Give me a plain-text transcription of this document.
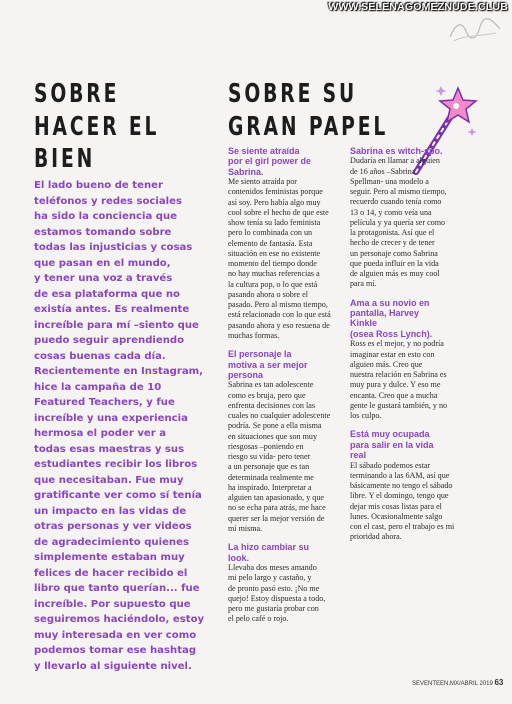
WWW.SELENAGOMEZNUDE.CLUB
SOBRE
HACER EL
BIEN
SOBRE SU
GRAN PAPEL
El lado bueno de tener
teléfonos y redes sociales
ha sido la conciencia que
estamos tomando sobre
todas las injusticias y cosas
que pasan en el mundo,
y tener una voz a través
de esa plataforma que no
existía antes. Es realmente
increíble para mí –siento que
puedo seguir aprendiendo
cosas buenas cada día.
Recientemente en Instagram,
hice la campaña de 10
Featured Teachers, y fue
increíble y una experiencia
hermosa el poder ver a
todas esas maestras y sus
estudiantes recibir los libros
que necesitaban. Fue muy
gratificante ver como sí tenía
un impacto en las vidas de
otras personas y ver videos
de agradecimiento quienes
simplemente estaban muy
felices de hacer recibido el
libro que tanto querían... fue
increíble. Por supuesto que
seguiremos haciéndolo, estoy
muy interesada en ver como
podemos tomar ese hashtag
y llevarlo al siguiente nivel.
Se siente atraída
por el girl power de
Sabrina.
Me siento atraída por
contenidos feministas porque
así soy. Pero había algo muy
cool sobre el hecho de que este
show tenía su lado feminista
pero lo combinada con un
elemento de fantasía. Esta
situación en ese no existente
momento del tiempo donde
no hay muchas referencias a
la cultura pop, o lo que está
pasando ahora o sobre el
pasado. Pero al mismo tiempo,
está relacionado con lo que está
pasando ahora y eso resuena de
muchas formas.
El personaje la
motiva a ser mejor
persona
Sabrina es tan adolescente
como es bruja, pero que
enfrenta decisiones con las
cuales no cualquier adolescente
podría. Se pone a ella misma
en situaciones que son muy
riesgosas –poniendo en
riesgo su vida- pero tener
a un personaje que es tan
determinada realmente me
ha inspirado. Interpretar a
alguien tan apasionado, y que
no se echa para atrás, me hace
querer ser la mejor versión de
mí misma.
La hizo cambiar su
look.
Llevaba dos meses amando
mi pelo largo y castaño, y
de pronto pasó esto. ¡No me
quejo! Estoy dispuesta a todo,
pero me gustaría probar con
el pelo café o rojo.
Sabrina es witch-spo.
Dudaría en llamar a alguien
de 16 años –Sabrina
Spellman- una modelo a
seguir. Pero al mismo tiempo,
recuerdo cuando tenía como
13 o 14, y como veía una
película y ya quería ser como
la protagonista. Así que el
hecho de crecer y de tener
un personaje como Sabrina
que pueda influir en la vida
de alguien más es muy cool
para mí.
Ama a su novio en
pantalla, Harvey
Kinkle
(osea Ross Lynch).
Ross es el mejor, y no podría
imaginar estar en esto con
alguien más. Creo que
nuestra relación en Sabrina es
muy pura y dulce. Y eso me
encanta. Creo que a mucha
gente le gustará también, y no
los culpo.
Está muy ocupada
para salir en la vida
real
El sábado podemos estar
terminando a las 6AM, así que
básicamente no tengo el sábado
libre. Y el domingo, tengo que
dejar mis cosas listas para el
lunes. Ocasionalmente salgo
con el cast, pero el trabajo es mi
prioridad ahora.
SEVENTEEN.MX/ABRIL 2019 63
